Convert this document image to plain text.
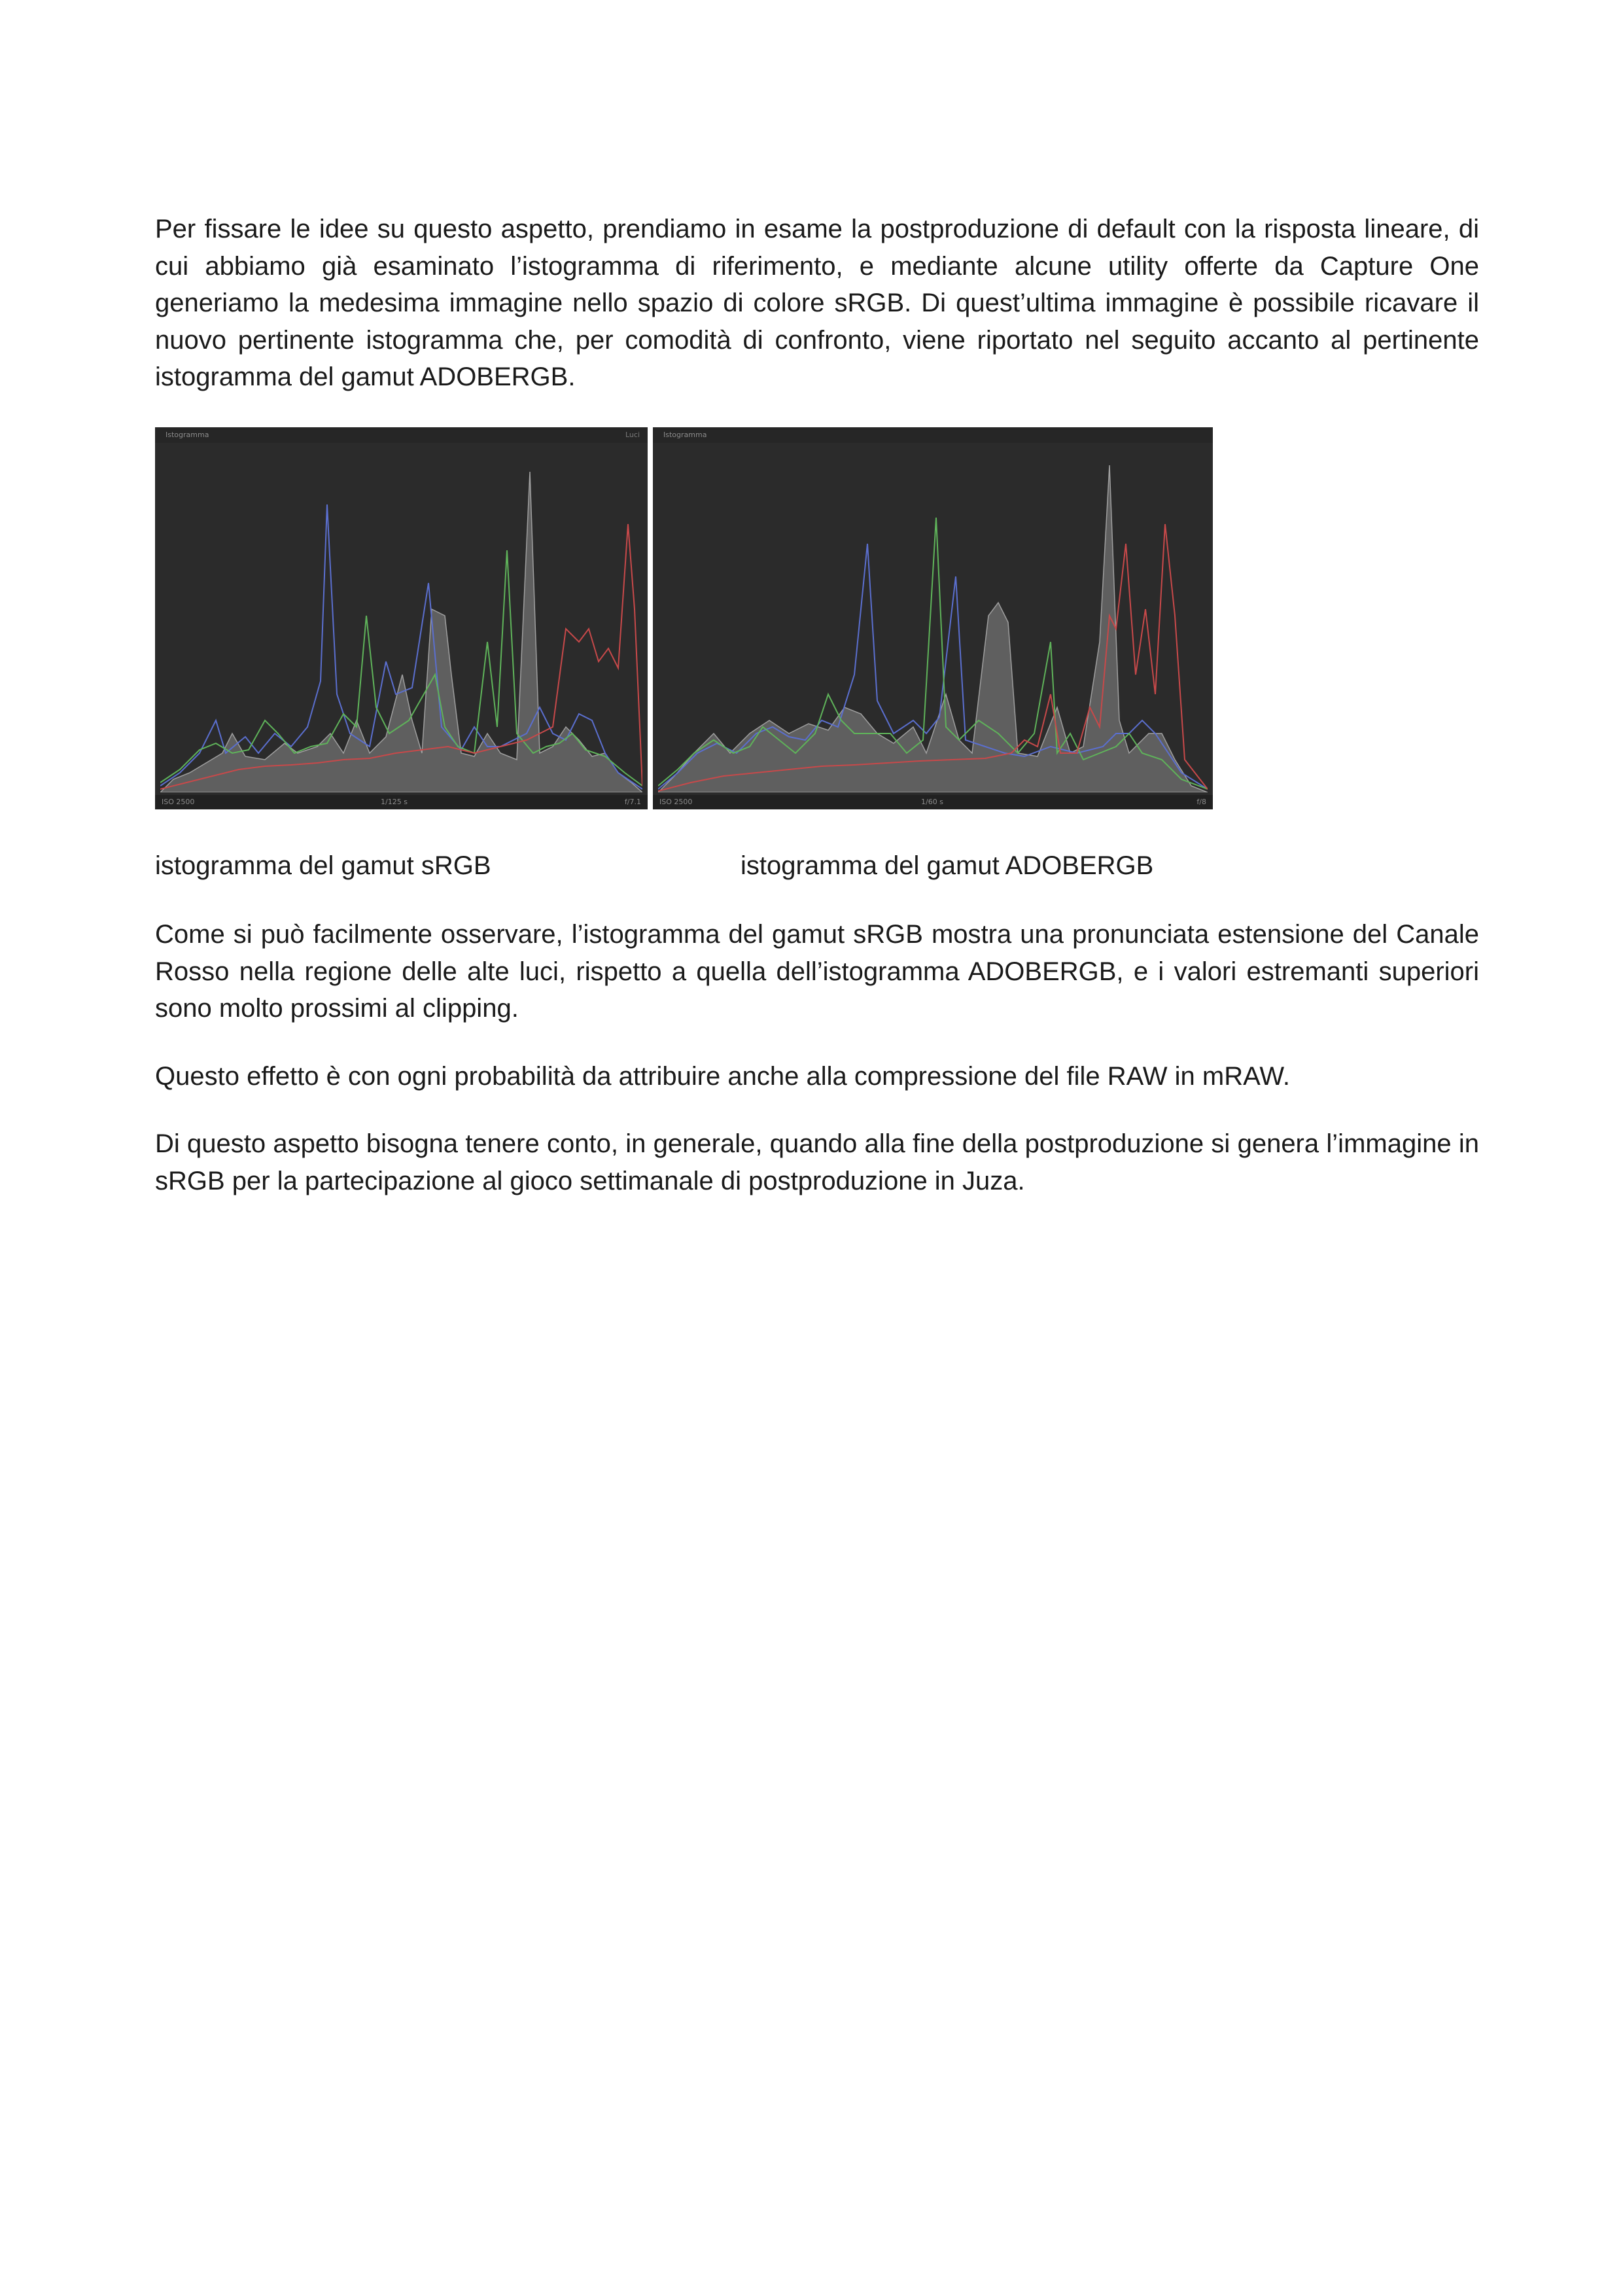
Per fissare le idee su questo aspetto, prendiamo in esame la postproduzione di default con la risposta lineare, di cui abbiamo già esaminato l’istogramma di riferimento, e mediante alcune utility offerte da Capture One generiamo la medesima immagine nello spazio di colore sRGB. Di quest’ultima immagine è possibile ricavare il nuovo pertinente istogramma che, per comodità di confronto, viene riportato nel seguito accanto al pertinente istogramma del gamut ADOBERGB.

Istogramma	Luci
ISO 2500	1/125 s	f/7.1
Istogramma
ISO 2500	1/60 s	f/8

istogramma del gamut sRGB	istogramma del gamut ADOBERGB

Come si può facilmente osservare, l’istogramma del gamut sRGB mostra una pronunciata estensione del Canale Rosso nella regione delle alte luci, rispetto a quella dell’istogramma ADOBERGB, e i valori estremanti superiori sono molto prossimi al clipping.

Questo effetto è con ogni probabilità da attribuire anche alla compressione del file RAW in mRAW.

Di questo aspetto bisogna tenere conto, in generale, quando alla fine della postproduzione si genera l’immagine in sRGB per la partecipazione al gioco settimanale di postproduzione in Juza.
